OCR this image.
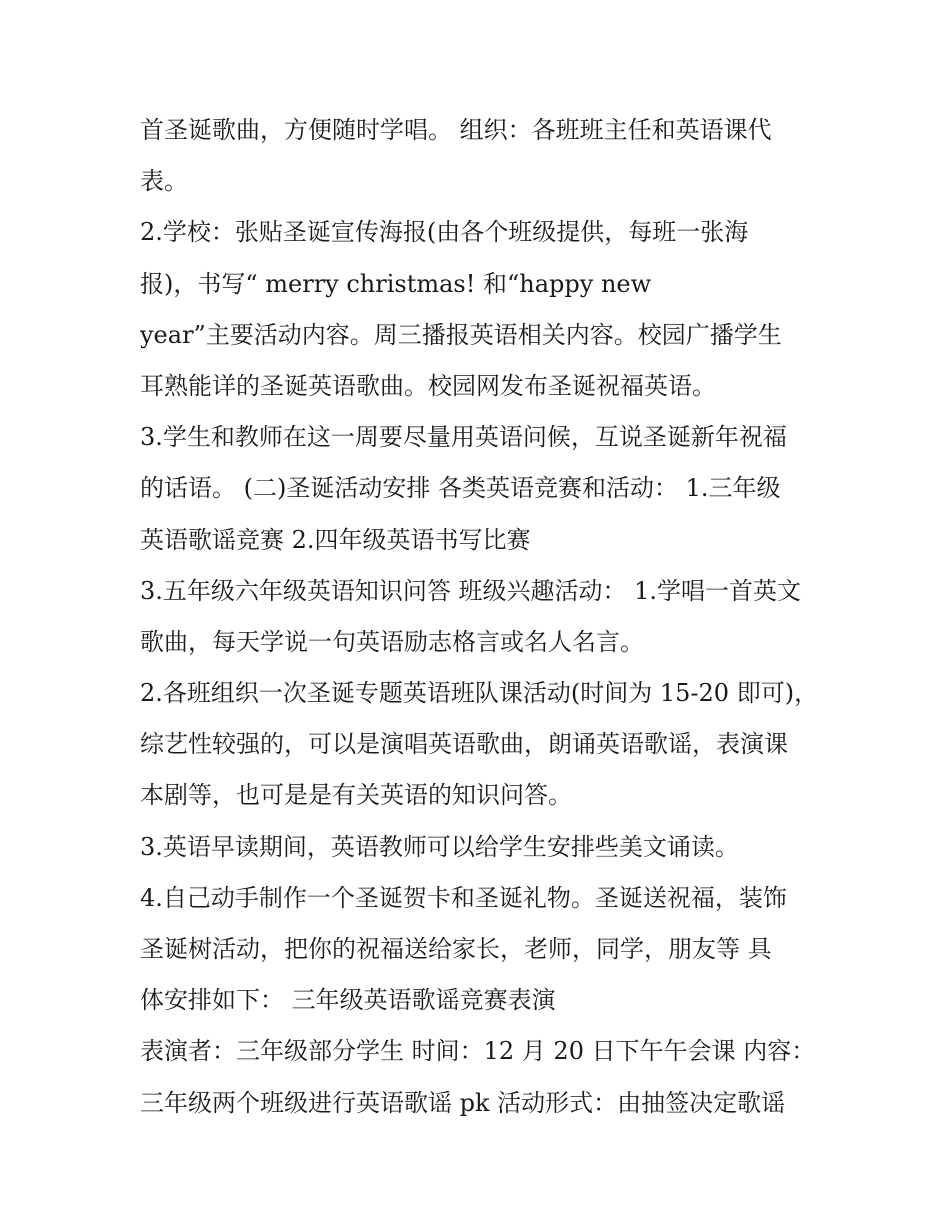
首圣诞歌曲，方便随时学唱。 组织：各班班主任和英语课代
表。
2.学校：张贴圣诞宣传海报(由各个班级提供，每班一张海
报)，书写“ merry christmas! 和“happy new
year”主要活动内容。周三播报英语相关内容。校园广播学生
耳熟能详的圣诞英语歌曲。校园网发布圣诞祝福英语。
3.学生和教师在这一周要尽量用英语问候，互说圣诞新年祝福
的话语。 (二)圣诞活动安排 各类英语竞赛和活动： 1.三年级
英语歌谣竞赛 2.四年级英语书写比赛
3.五年级六年级英语知识问答 班级兴趣活动： 1.学唱一首英文
歌曲，每天学说一句英语励志格言或名人名言。
2.各班组织一次圣诞专题英语班队课活动(时间为 15-20 即可)，
综艺性较强的，可以是演唱英语歌曲，朗诵英语歌谣，表演课
本剧等，也可是是有关英语的知识问答。
3.英语早读期间，英语教师可以给学生安排些美文诵读。
4.自己动手制作一个圣诞贺卡和圣诞礼物。圣诞送祝福，装饰
圣诞树活动，把你的祝福送给家长，老师，同学，朋友等 具
体安排如下： 三年级英语歌谣竞赛表演
表演者：三年级部分学生 时间：12 月 20 日下午午会课 内容：
三年级两个班级进行英语歌谣 pk 活动形式：由抽签决定歌谣
